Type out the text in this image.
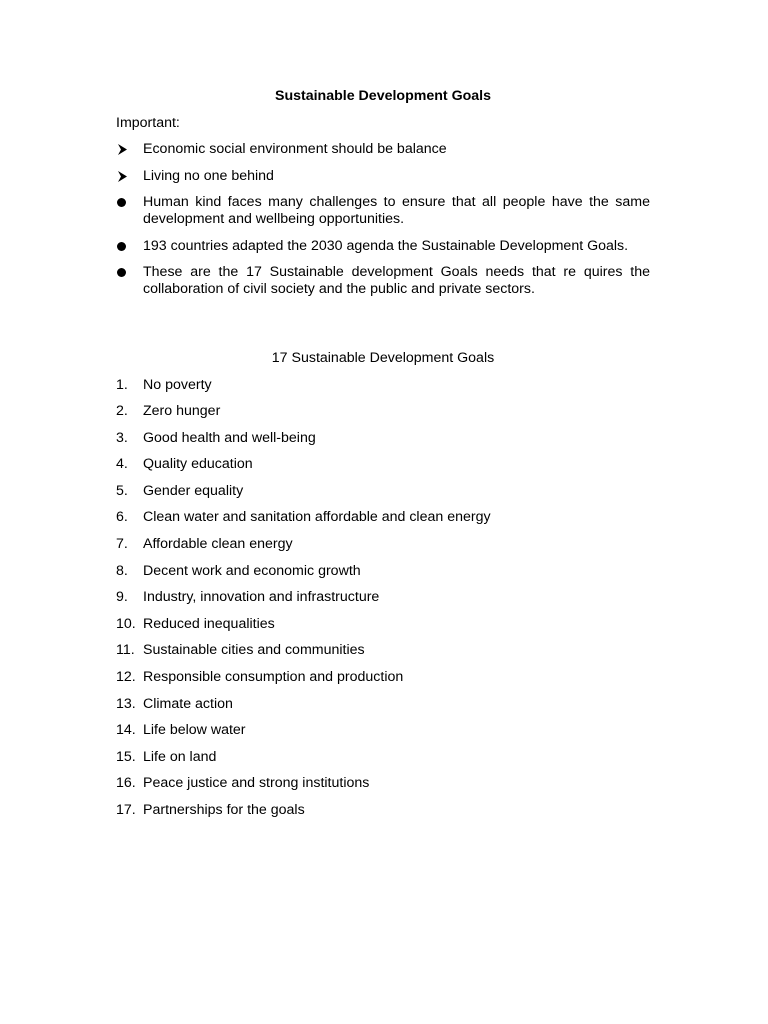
Sustainable Development Goals
Important:
Economic social environment should be balance
Living no one behind
Human kind faces many challenges to ensure that all people have the same development and wellbeing opportunities.
193 countries adapted the 2030 agenda the Sustainable Development Goals.
These are the 17 Sustainable development Goals needs that re quires the collaboration of civil society and the public and private sectors.
17 Sustainable Development Goals
1. No poverty
2. Zero hunger
3. Good health and well-being
4. Quality education
5. Gender equality
6. Clean water and sanitation affordable and clean energy
7. Affordable clean energy
8. Decent work and economic growth
9. Industry, innovation and infrastructure
10. Reduced inequalities
11. Sustainable cities and communities
12. Responsible consumption and production
13. Climate action
14. Life below water
15. Life on land
16. Peace justice and strong institutions
17. Partnerships for the goals
